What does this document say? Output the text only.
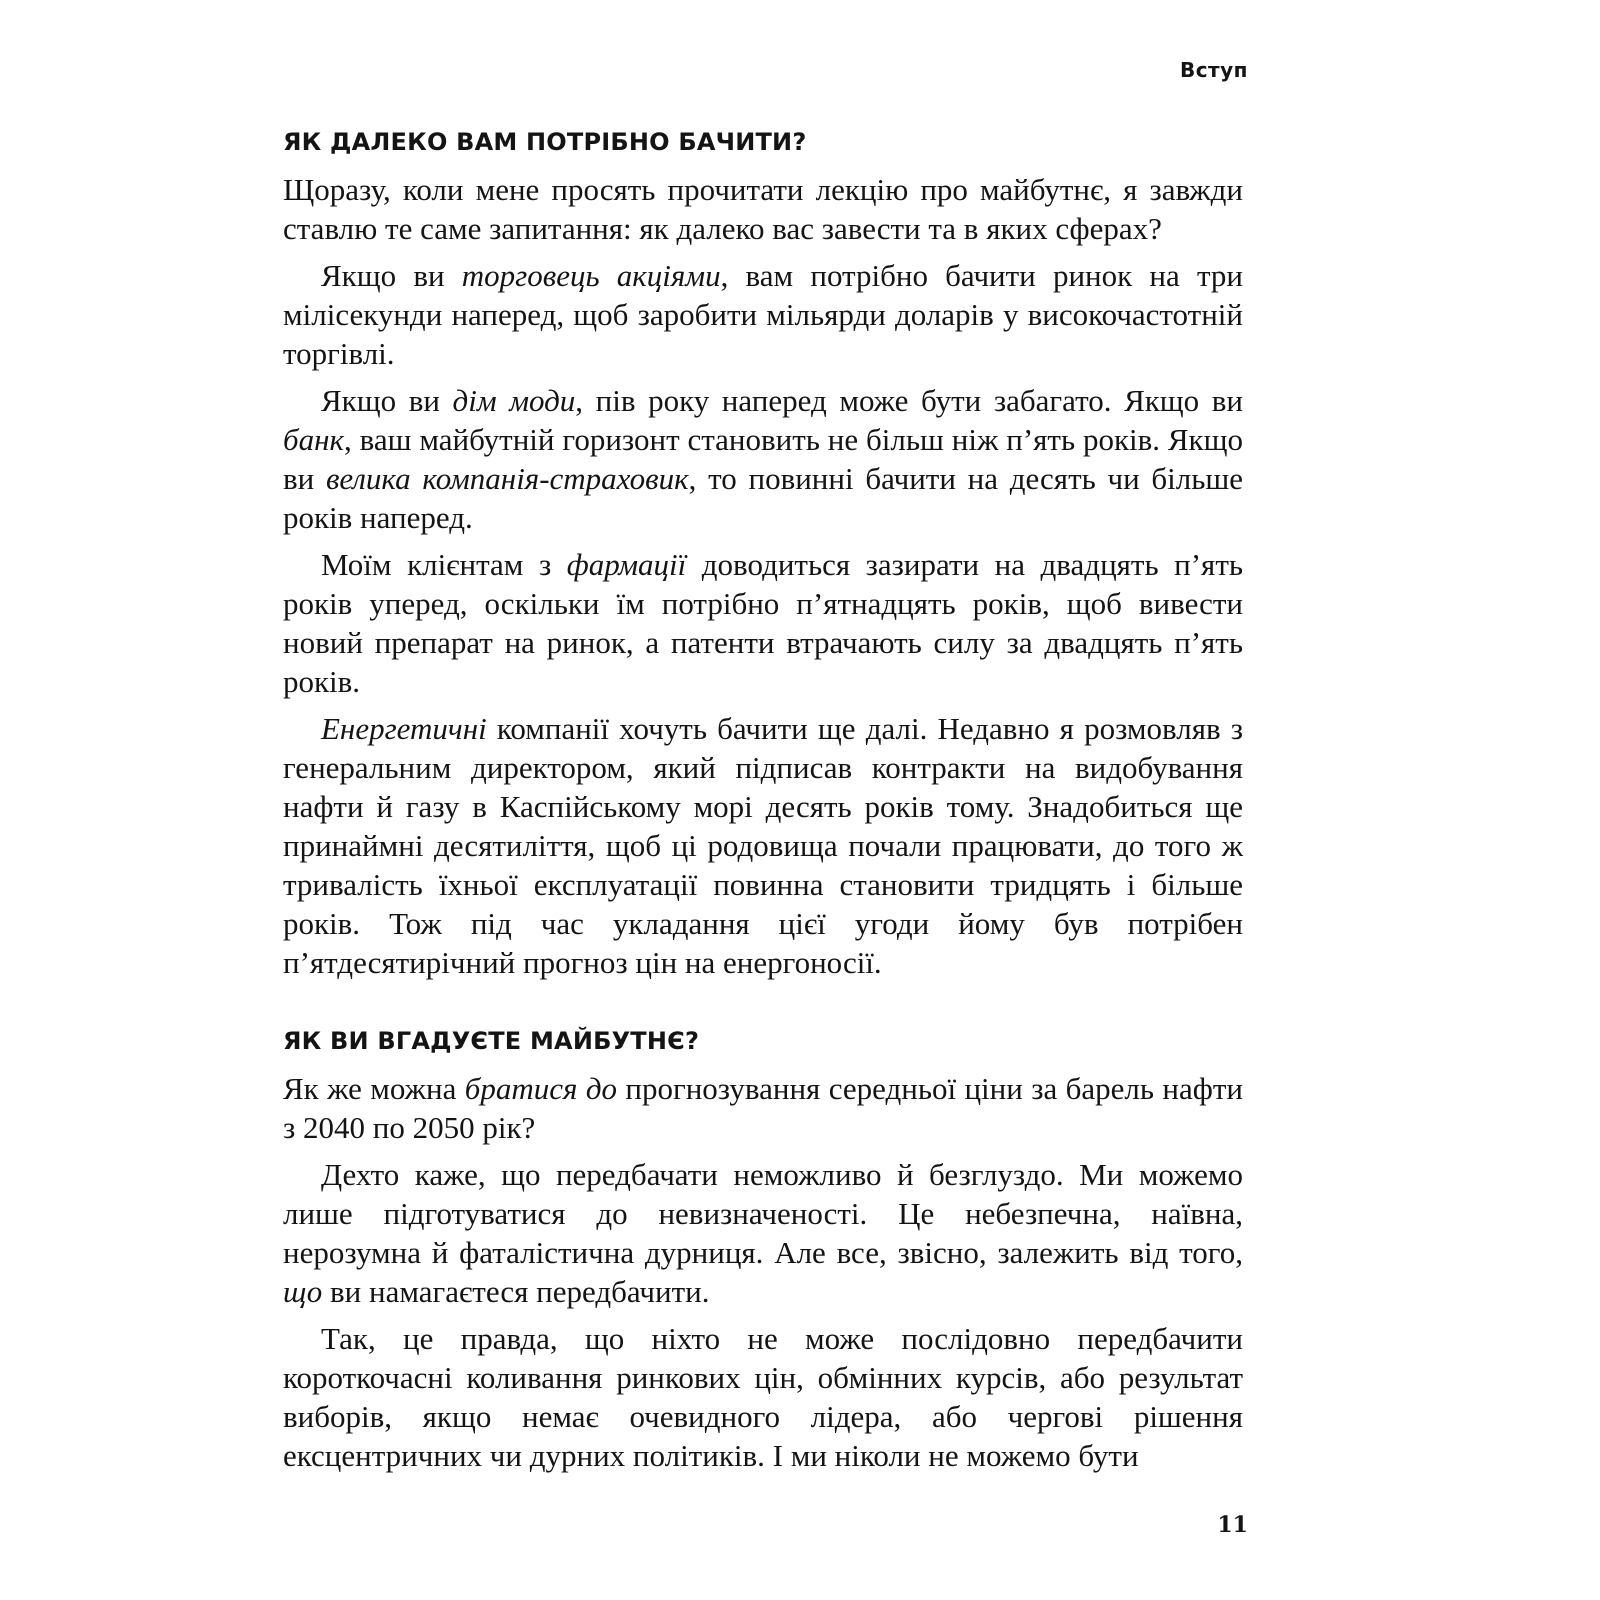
Вступ
ЯК ДАЛЕКО ВАМ ПОТРІБНО БАЧИТИ?

Щоразу, коли мене просять прочитати лекцію про майбутнє, я завжди ставлю те саме запитання: як далеко вас завести та в яких сферах?

Якщо ви торговець акціями, вам потрібно бачити ринок на три мілісекунди наперед, щоб заробити мільярди доларів у високочастотній торгівлі.

Якщо ви дім моди, пів року наперед може бути забагато. Якщо ви банк, ваш майбутній горизонт становить не більш ніж п’ять років. Якщо ви велика компанія-страховик, то повинні бачити на десять чи більше років наперед.

Моїм клієнтам з фармації доводиться зазирати на двадцять п’ять років уперед, оскільки їм потрібно п’ятнадцять років, щоб вивести новий препарат на ринок, а патенти втрачають силу за двадцять п’ять років.

Енергетичні компанії хочуть бачити ще далі. Недавно я розмовляв з генеральним директором, який підписав контракти на видобування нафти й газу в Каспійському морі десять років тому. Знадобиться ще принаймні десятиліття, щоб ці родовища почали працювати, до того ж тривалість їхньої експлуатації повинна становити тридцять і більше років. Тож під час укладання цієї угоди йому був потрібен п’ятдесятирічний прогноз цін на енергоносії.

ЯК ВИ ВГАДУЄТЕ МАЙБУТНЄ?

Як же можна братися до прогнозування середньої ціни за барель нафти з 2040 по 2050 рік?

Дехто каже, що передбачати неможливо й безглуздо. Ми можемо лише підготуватися до невизначеності. Це небезпечна, наївна, нерозумна й фаталістична дурниця. Але все, звісно, залежить від того, що ви намагаєтеся передбачити.

Так, це правда, що ніхто не може послідовно передбачити короткочасні коливання ринкових цін, обмінних курсів, або результат виборів, якщо немає очевидного лідера, або чергові рішення ексцентричних чи дурних політиків. І ми ніколи не можемо бути

11
